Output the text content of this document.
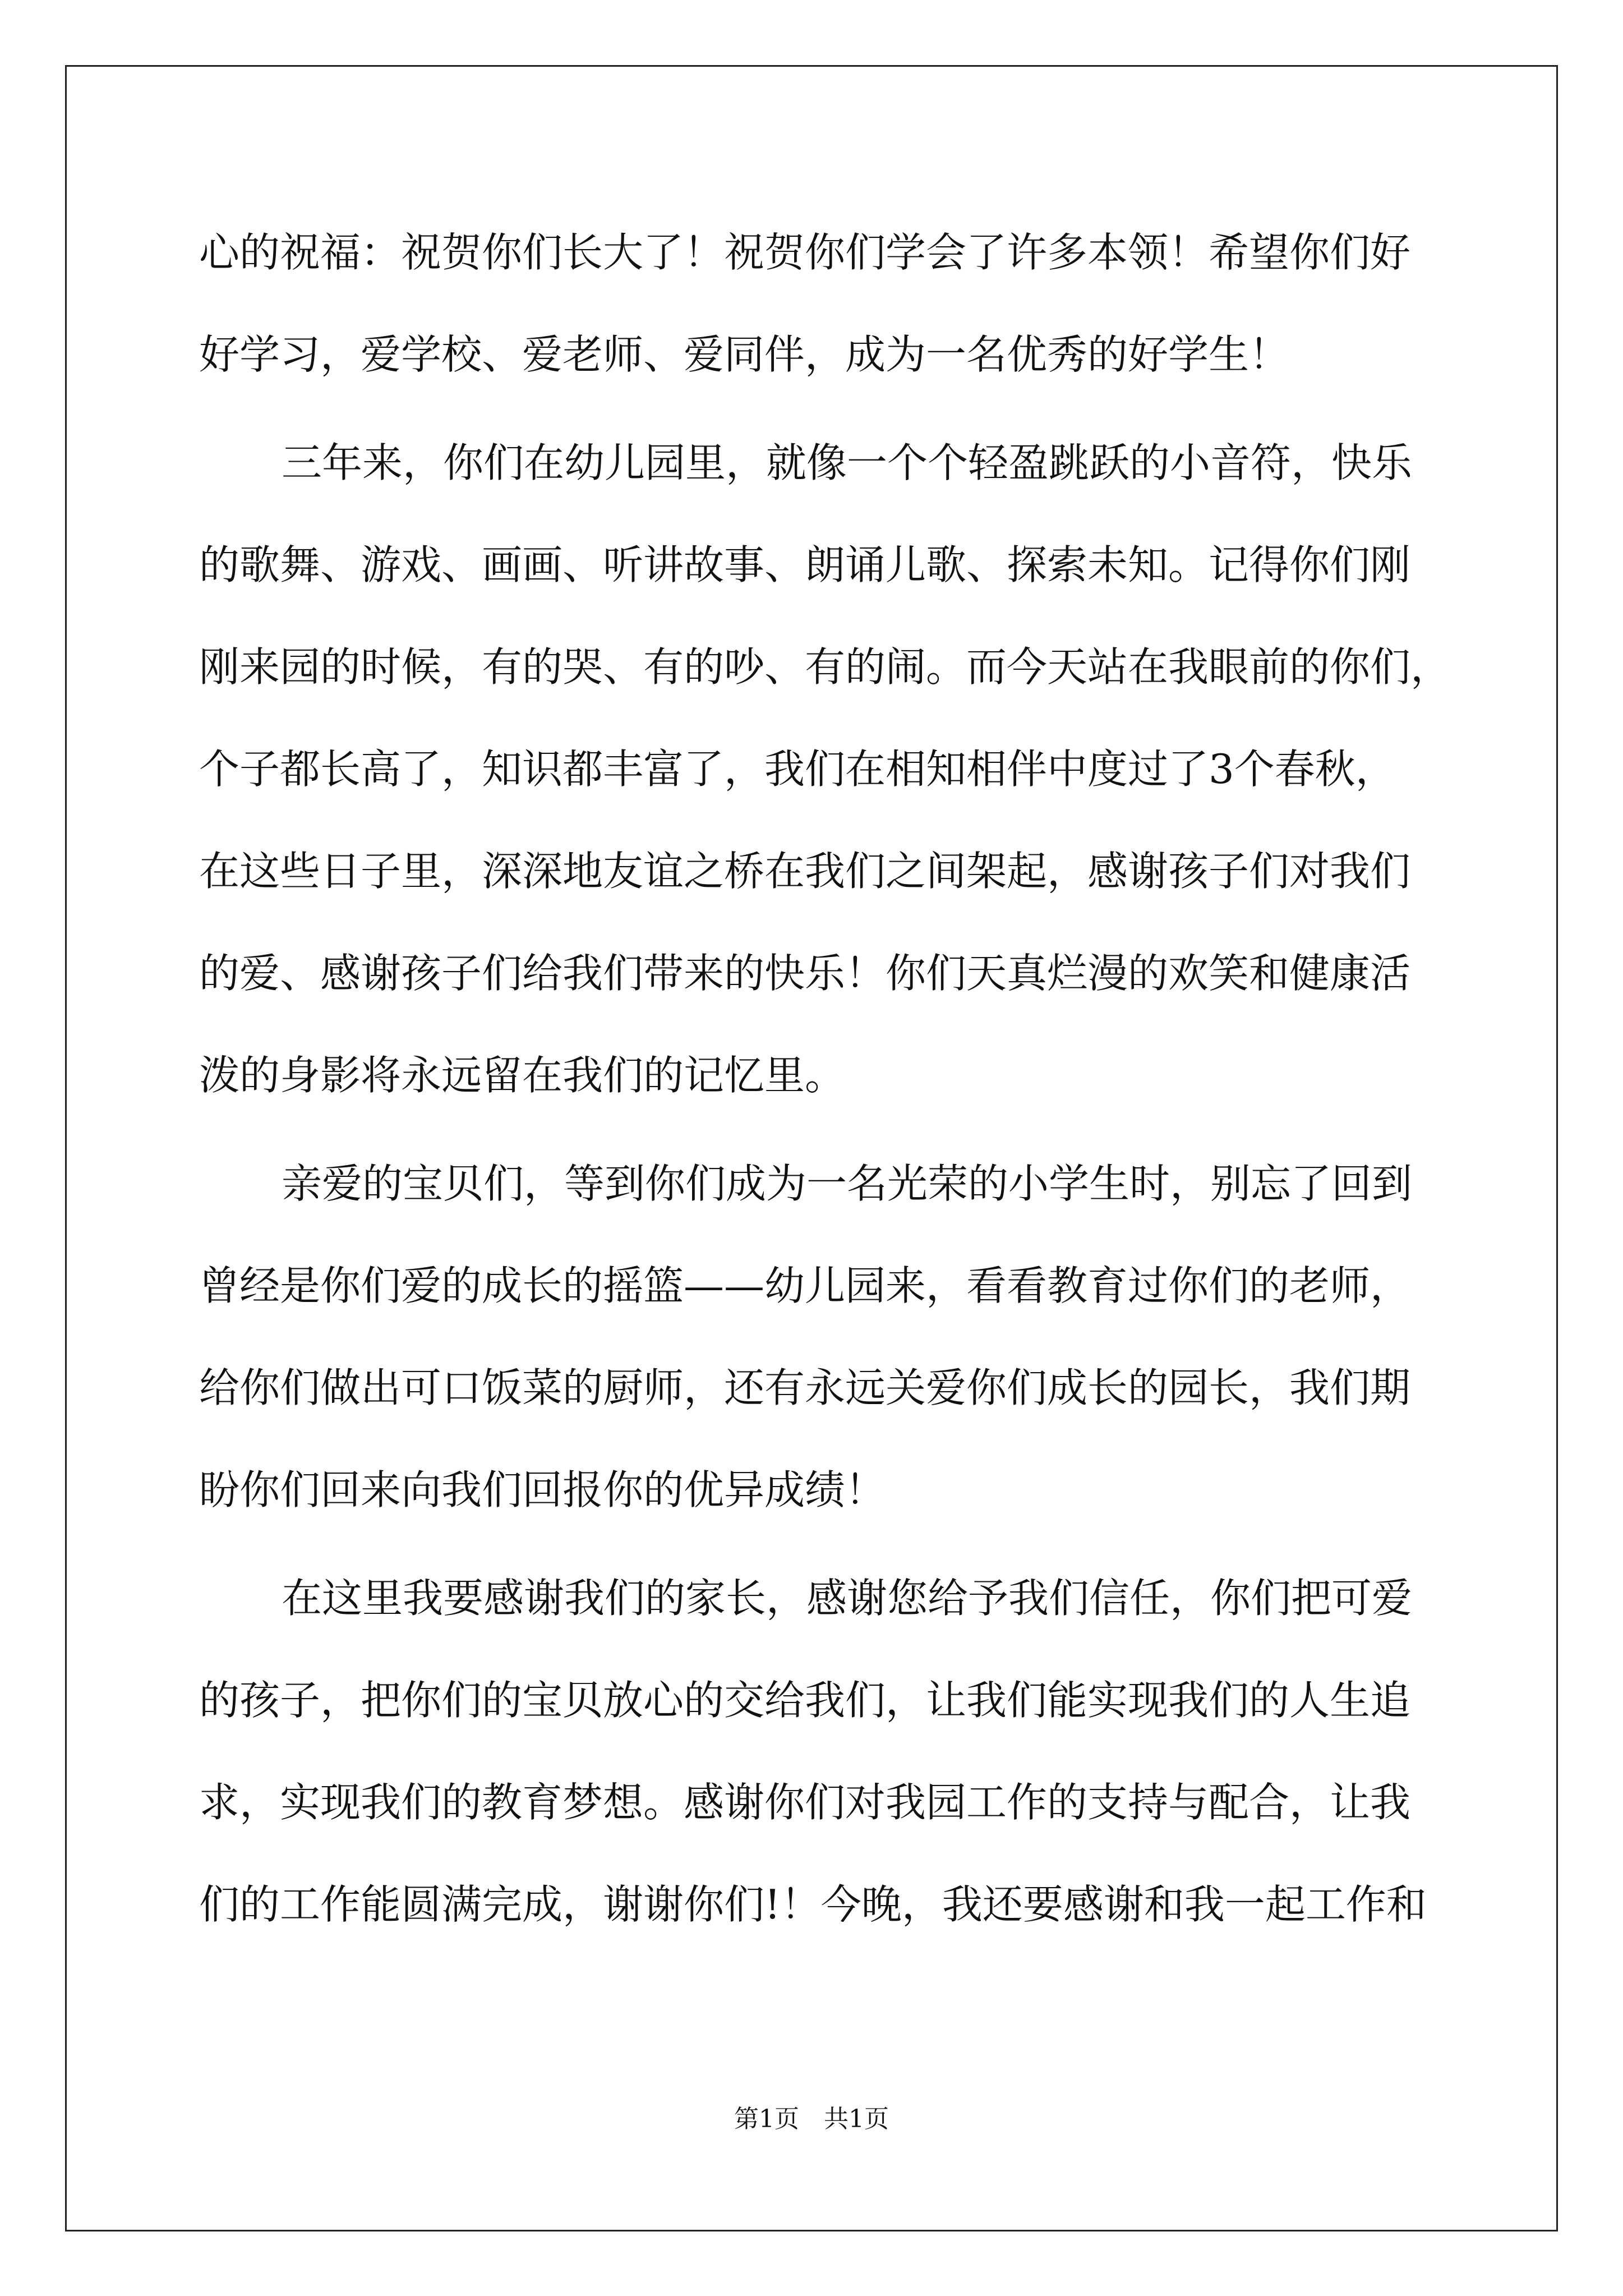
心的祝福：祝贺你们长大了！祝贺你们学会了许多本领！希望你们好
好学习，爱学校、爱老师、爱同伴，成为一名优秀的好学生！
三年来，你们在幼儿园里，就像一个个轻盈跳跃的小音符，快乐
的歌舞、游戏、画画、听讲故事、朗诵儿歌、探索未知。记得你们刚
刚来园的时候，有的哭、有的吵、有的闹。而今天站在我眼前的你们，
个子都长高了，知识都丰富了，我们在相知相伴中度过了3个春秋，
在这些日子里，深深地友谊之桥在我们之间架起，感谢孩子们对我们
的爱、感谢孩子们给我们带来的快乐！你们天真烂漫的欢笑和健康活
泼的身影将永远留在我们的记忆里。
亲爱的宝贝们，等到你们成为一名光荣的小学生时，别忘了回到
曾经是你们爱的成长的摇篮——幼儿园来，看看教育过你们的老师，
给你们做出可口饭菜的厨师，还有永远关爱你们成长的园长，我们期
盼你们回来向我们回报你的优异成绩！
在这里我要感谢我们的家长，感谢您给予我们信任，你们把可爱
的孩子，把你们的宝贝放心的交给我们，让我们能实现我们的人生追
求，实现我们的教育梦想。感谢你们对我园工作的支持与配合，让我
们的工作能圆满完成，谢谢你们!！今晚，我还要感谢和我一起工作和
第1页 共1页
